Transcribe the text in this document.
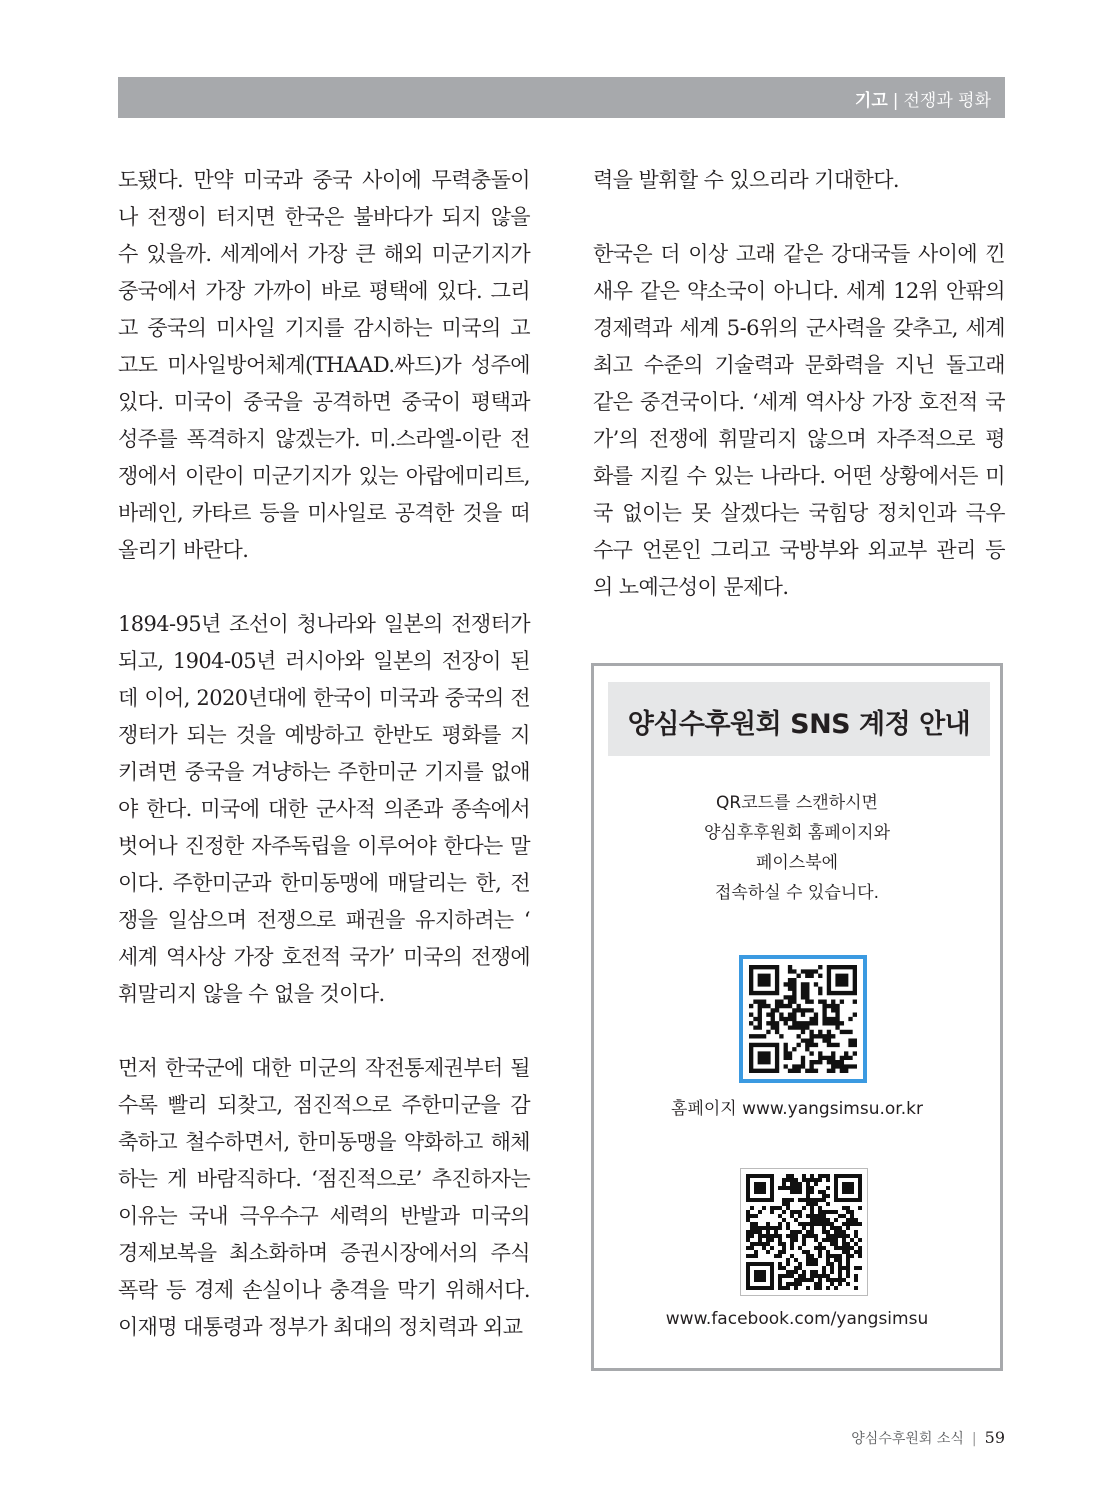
기고 | 전쟁과 평화

도됐다. 만약 미국과 중국 사이에 무력충돌이
나 전쟁이 터지면 한국은 불바다가 되지 않을
수 있을까. 세계에서 가장 큰 해외 미군기지가
중국에서 가장 가까이 바로 평택에 있다. 그리
고 중국의 미사일 기지를 감시하는 미국의 고
고도 미사일방어체계(THAAD.싸드)가 성주에
있다. 미국이 중국을 공격하면 중국이 평택과
성주를 폭격하지 않겠는가. 미.스라엘-이란 전
쟁에서 이란이 미군기지가 있는 아랍에미리트,
바레인, 카타르 등을 미사일로 공격한 것을 떠
올리기 바란다.

1894-95년 조선이 청나라와 일본의 전쟁터가
되고, 1904-05년 러시아와 일본의 전장이 된
데 이어, 2020년대에 한국이 미국과 중국의 전
쟁터가 되는 것을 예방하고 한반도 평화를 지
키려면 중국을 겨냥하는 주한미군 기지를 없애
야 한다. 미국에 대한 군사적 의존과 종속에서
벗어나 진정한 자주독립을 이루어야 한다는 말
이다. 주한미군과 한미동맹에 매달리는 한, 전
쟁을 일삼으며 전쟁으로 패권을 유지하려는 ‘
세계 역사상 가장 호전적 국가’ 미국의 전쟁에
휘말리지 않을 수 없을 것이다.

먼저 한국군에 대한 미군의 작전통제권부터 될
수록 빨리 되찾고, 점진적으로 주한미군을 감
축하고 철수하면서, 한미동맹을 약화하고 해체
하는 게 바람직하다. ‘점진적으로’ 추진하자는
이유는 국내 극우수구 세력의 반발과 미국의
경제보복을 최소화하며 증권시장에서의 주식
폭락 등 경제 손실이나 충격을 막기 위해서다.
이재명 대통령과 정부가 최대의 정치력과 외교

력을 발휘할 수 있으리라 기대한다.

한국은 더 이상 고래 같은 강대국들 사이에 낀
새우 같은 약소국이 아니다. 세계 12위 안팎의
경제력과 세계 5-6위의 군사력을 갖추고, 세계
최고 수준의 기술력과 문화력을 지닌 돌고래
같은 중견국이다. ‘세계 역사상 가장 호전적 국
가’의 전쟁에 휘말리지 않으며 자주적으로 평
화를 지킬 수 있는 나라다. 어떤 상황에서든 미
국 없이는 못 살겠다는 국힘당 정치인과 극우
수구 언론인 그리고 국방부와 외교부 관리 등
의 노예근성이 문제다.

양심수후원회 SNS 계정 안내
QR코드를 스캔하시면
양심후후원회 홈페이지와
페이스북에
접속하실 수 있습니다.
홈페이지 www.yangsimsu.or.kr
www.facebook.com/yangsimsu
양심수후원회 소식 | 59
